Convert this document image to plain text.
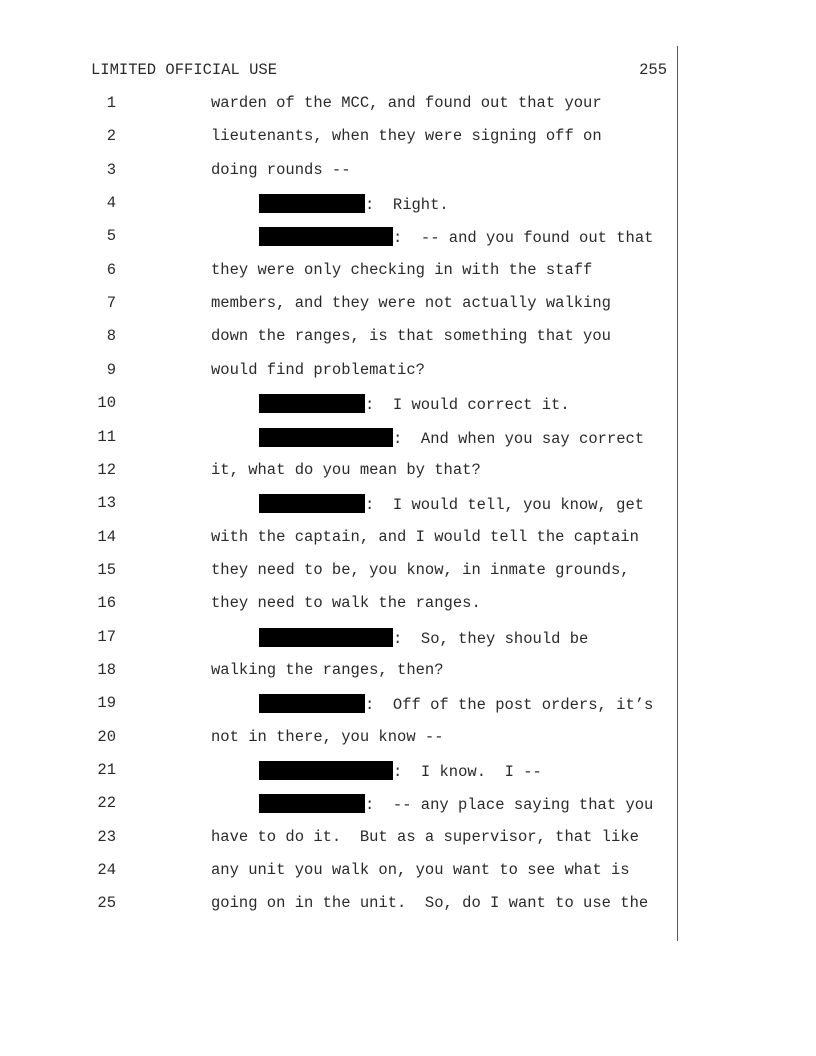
LIMITED OFFICIAL USE	255
1	warden of the MCC, and found out that your
2	lieutenants, when they were signing off on
3	doing rounds --
4	:  Right.
5	:  -- and you found out that
6	they were only checking in with the staff
7	members, and they were not actually walking
8	down the ranges, is that something that you
9	would find problematic?
10	:  I would correct it.
11	:  And when you say correct
12	it, what do you mean by that?
13	:  I would tell, you know, get
14	with the captain, and I would tell the captain
15	they need to be, you know, in inmate grounds,
16	they need to walk the ranges.
17	:  So, they should be
18	walking the ranges, then?
19	:  Off of the post orders, it’s
20	not in there, you know --
21	:  I know.  I --
22	:  -- any place saying that you
23	have to do it.  But as a supervisor, that like
24	any unit you walk on, you want to see what is
25	going on in the unit.  So, do I want to use the
